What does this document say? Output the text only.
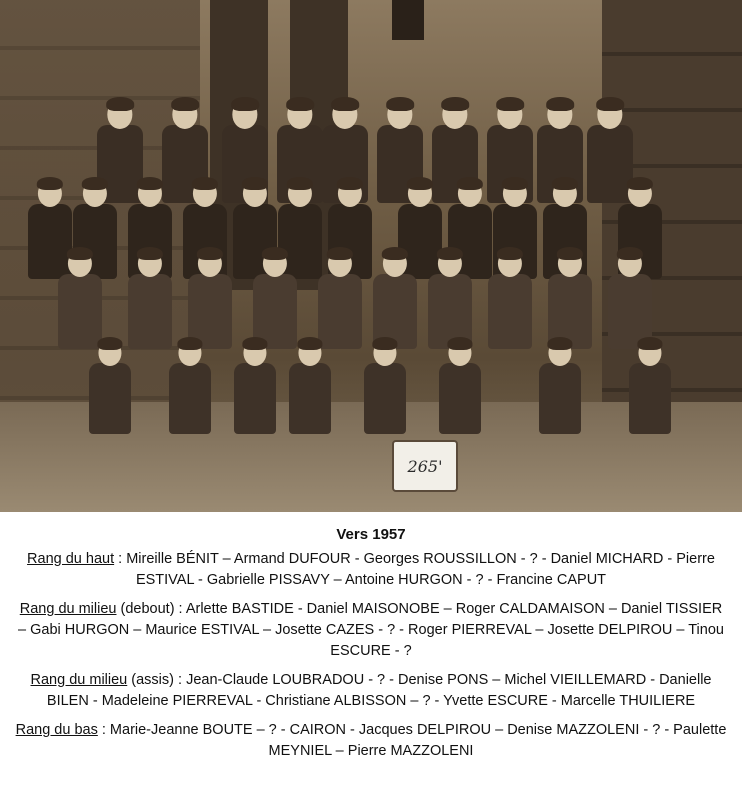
265'
Vers 1957
Rang du haut : Mireille BÉNIT – Armand DUFOUR - Georges ROUSSILLON - ? - Daniel MICHARD - Pierre ESTIVAL - Gabrielle PISSAVY – Antoine HURGON - ? - Francine CAPUT
Rang du milieu (debout) : Arlette BASTIDE - Daniel MAISONOBE – Roger CALDAMAISON – Daniel TISSIER – Gabi HURGON – Maurice ESTIVAL – Josette CAZES - ? - Roger PIERREVAL – Josette DELPIROU – Tinou ESCURE - ?
Rang du milieu (assis) : Jean-Claude LOUBRADOU - ? - Denise PONS – Michel VIEILLEMARD - Danielle BILEN - Madeleine PIERREVAL - Christiane ALBISSON – ? - Yvette ESCURE - Marcelle THUILIERE
Rang du bas : Marie-Jeanne BOUTE – ? - CAIRON - Jacques DELPIROU – Denise MAZZOLENI - ? - Paulette MEYNIEL – Pierre MAZZOLENI
